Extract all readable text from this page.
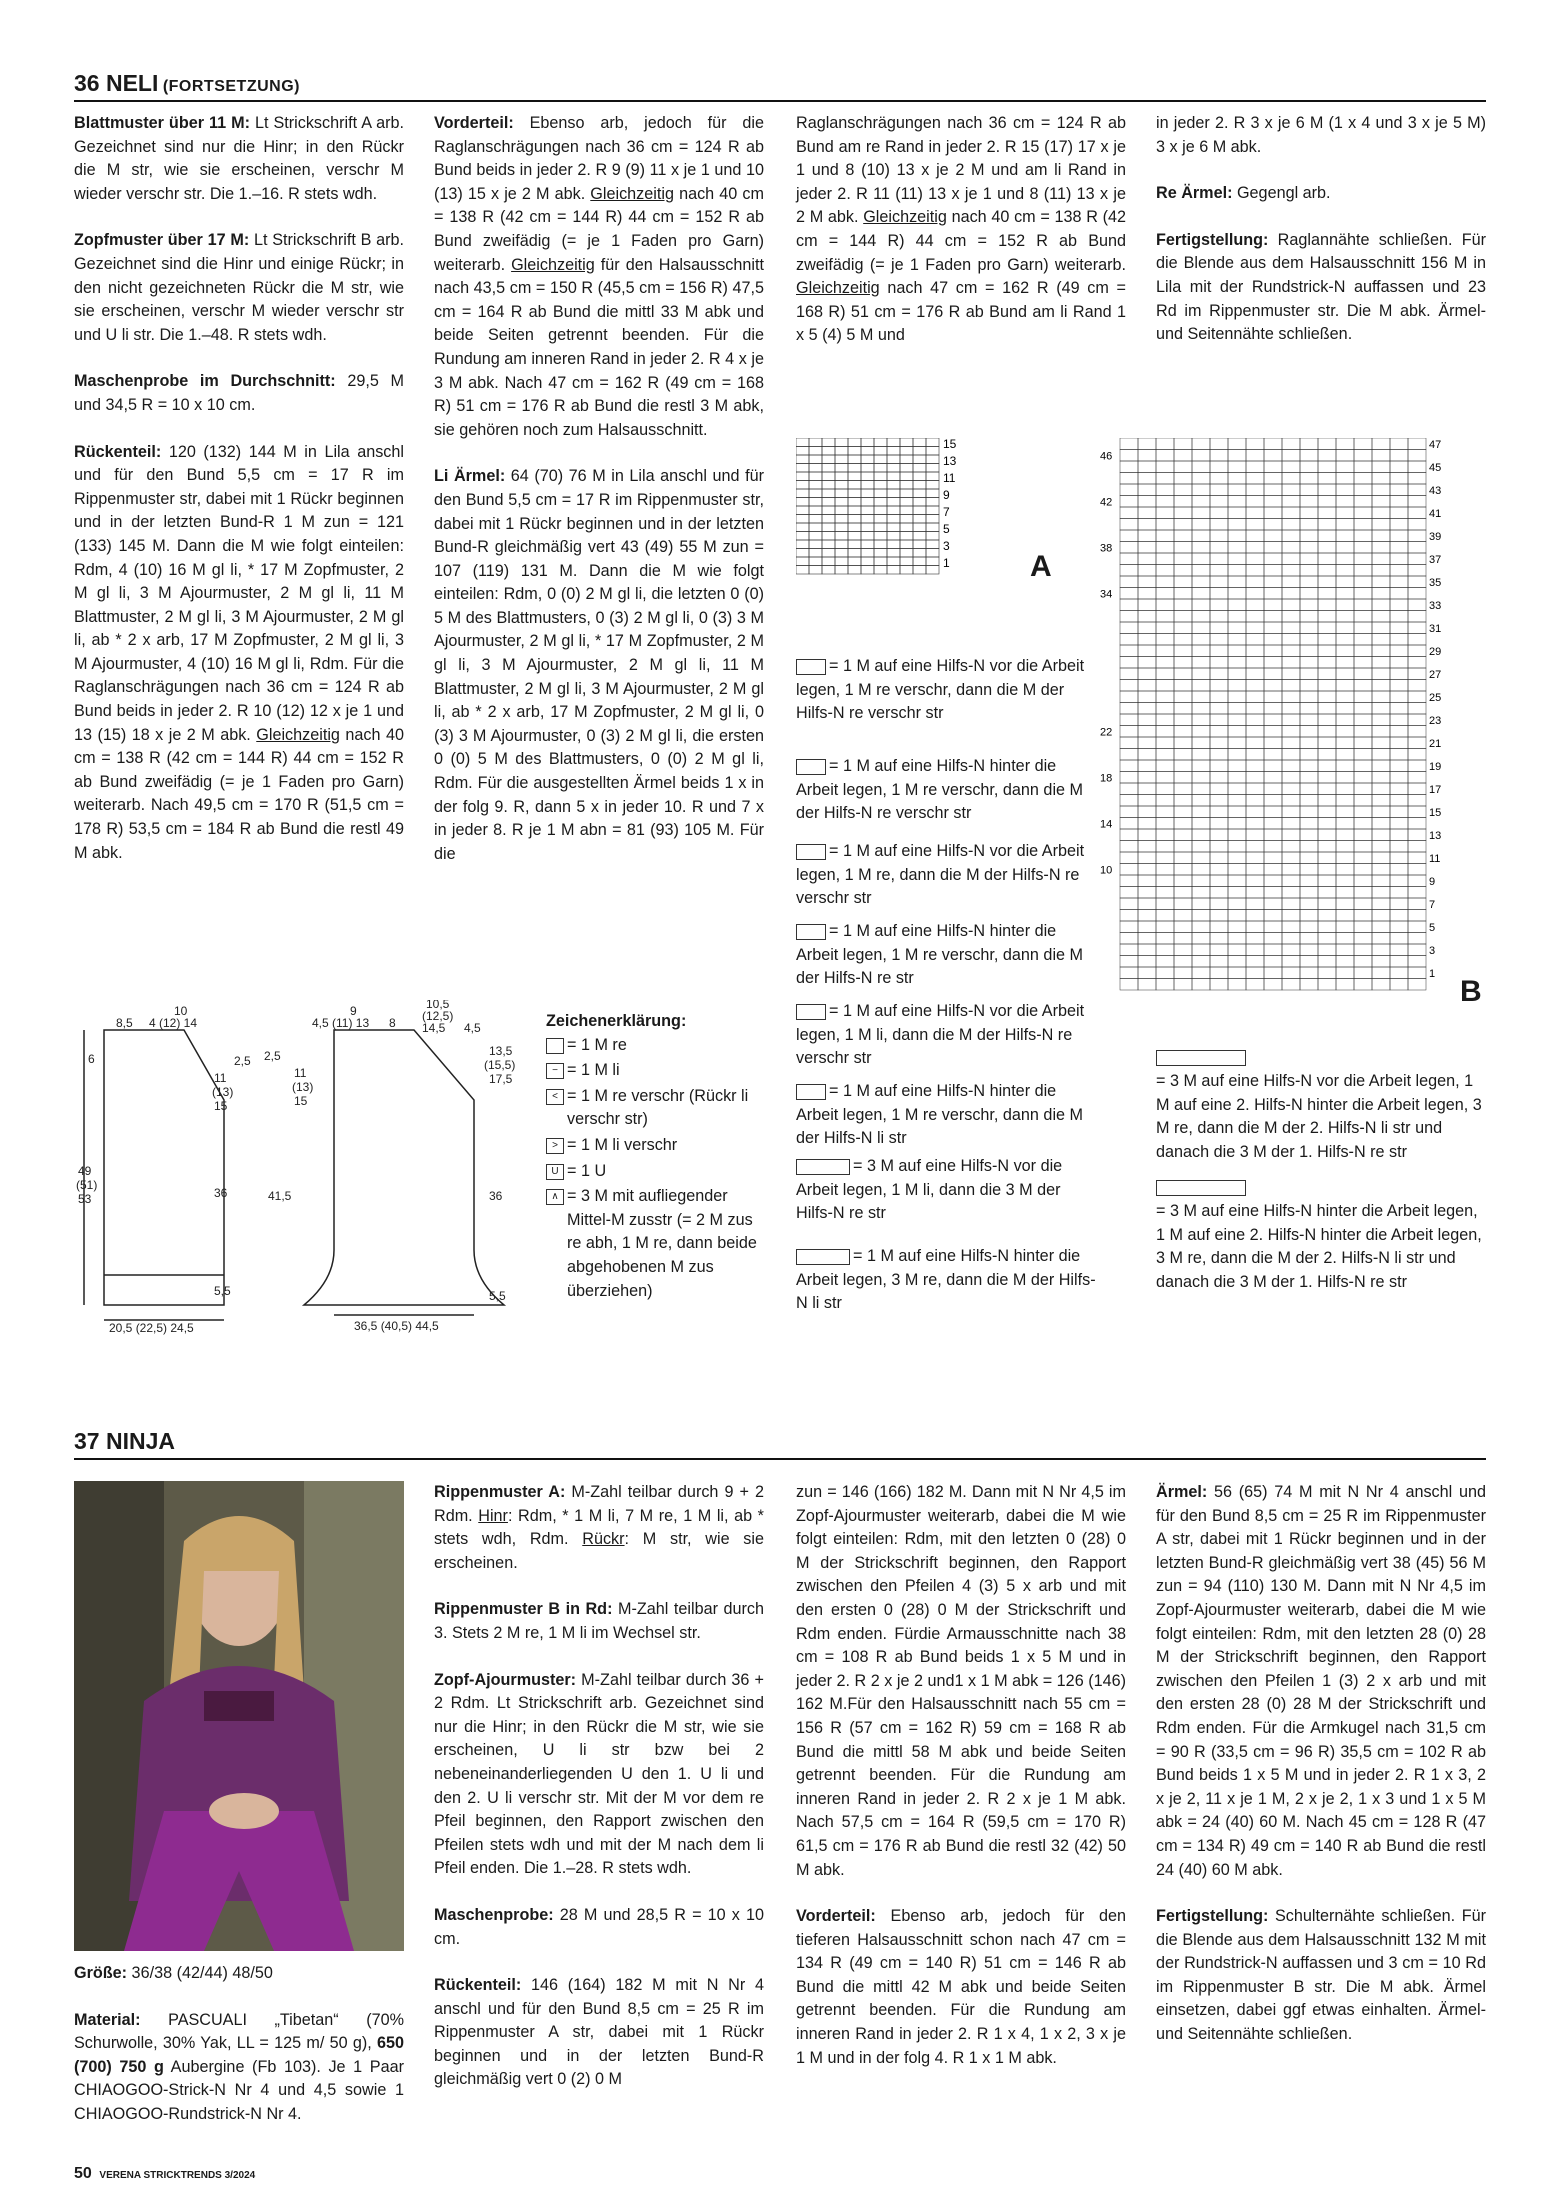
36 NELI (FORTSETZUNG)

Blattmuster über 11 M: Lt Strickschrift A arb. Gezeichnet sind nur die Hinr; in den Rückr die M str, wie sie erscheinen, verschr M wieder verschr str. Die 1.–16. R stets wdh.

Zopfmuster über 17 M: Lt Strickschrift B arb. Gezeichnet sind die Hinr und einige Rückr; in den nicht gezeichneten Rückr die M str, wie sie erscheinen, verschr M wieder verschr str und U li str. Die 1.–48. R stets wdh.

Maschenprobe im Durchschnitt: 29,5 M und 34,5 R = 10 x 10 cm.

Rückenteil: 120 (132) 144 M in Lila anschl und für den Bund 5,5 cm = 17 R im Rippenmuster str, dabei mit 1 Rückr beginnen und in der letzten Bund-R 1 M zun = 121 (133) 145 M. Dann die M wie folgt einteilen: Rdm, 4 (10) 16 M gl li, * 17 M Zopfmuster, 2 M gl li, 3 M Ajourmuster, 2 M gl li, 11 M Blattmuster, 2 M gl li, 3 M Ajourmuster, 2 M gl li, ab * 2 x arb, 17 M Zopfmuster, 2 M gl li, 3 M Ajourmuster, 4 (10) 16 M gl li, Rdm. Für die Raglanschrägungen nach 36 cm = 124 R ab Bund beids in jeder 2. R 10 (12) 12 x je 1 und 13 (15) 18 x je 2 M abk. Gleichzeitig nach 40 cm = 138 R (42 cm = 144 R) 44 cm = 152 R ab Bund zweifädig (= je 1 Faden pro Garn) weiterarb. Nach 49,5 cm = 170 R (51,5 cm = 178 R) 53,5 cm = 184 R ab Bund die restl 49 M abk.

Vorderteil: Ebenso arb, jedoch für die Raglanschrägungen nach 36 cm = 124 R ab Bund beids in jeder 2. R 9 (9) 11 x je 1 und 10 (13) 15 x je 2 M abk. Gleichzeitig nach 40 cm = 138 R (42 cm = 144 R) 44 cm = 152 R ab Bund zweifädig (= je 1 Faden pro Garn) weiterarb. Gleichzeitig für den Halsausschnitt nach 43,5 cm = 150 R (45,5 cm = 156 R) 47,5 cm = 164 R ab Bund die mittl 33 M abk und beide Seiten getrennt beenden. Für die Rundung am inneren Rand in jeder 2. R 4 x je 3 M abk. Nach 47 cm = 162 R (49 cm = 168 R) 51 cm = 176 R ab Bund die restl 3 M abk, sie gehören noch zum Halsausschnitt.

Li Ärmel: 64 (70) 76 M in Lila anschl und für den Bund 5,5 cm = 17 R im Rippenmuster str, dabei mit 1 Rückr beginnen und in der letzten Bund-R gleichmäßig vert 43 (49) 55 M zun = 107 (119) 131 M. Dann die M wie folgt einteilen: Rdm, 0 (0) 2 M gl li, die letzten 0 (0) 5 M des Blattmusters, 0 (3) 2 M gl li, 0 (3) 3 M Ajourmuster, 2 M gl li, * 17 M Zopfmuster, 2 M gl li, 3 M Ajourmuster, 2 M gl li, 11 M Blattmuster, 2 M gl li, 3 M Ajourmuster, 2 M gl li, ab * 2 x arb, 17 M Zopfmuster, 2 M gl li, 0 (3) 3 M Ajourmuster, 0 (3) 2 M gl li, die ersten 0 (0) 5 M des Blattmusters, 0 (0) 2 M gl li, Rdm. Für die ausgestellten Ärmel beids 1 x in der folg 9. R, dann 5 x in jeder 10. R und 7 x in jeder 8. R je 1 M abn = 81 (93) 105 M. Für die

Raglanschrägungen nach 36 cm = 124 R ab Bund am re Rand in jeder 2. R 15 (17) 17 x je 1 und 8 (10) 13 x je 2 M und am li Rand in jeder 2. R 11 (11) 13 x je 1 und 8 (11) 13 x je 2 M abk. Gleichzeitig nach 40 cm = 138 R (42 cm = 144 R) 44 cm = 152 R ab Bund zweifädig (= je 1 Faden pro Garn) weiterarb. Gleichzeitig nach 47 cm = 162 R (49 cm = 168 R) 51 cm = 176 R ab Bund am li Rand 1 x 5 (4) 5 M und

in jeder 2. R 3 x je 6 M (1 x 4 und 3 x je 5 M) 3 x je 6 M abk.

Re Ärmel: Gegengl arb.

Fertigstellung: Raglannähte schließen. Für die Blende aus dem Halsausschnitt 156 M in Lila mit der Rundstrick-N auffassen und 23 Rd im Rippenmuster str. Die M abk. Ärmel- und Seitennähte schließen.

15
13
11
9
7
5
3
1	A
47
45
43
41
39
37
35
33
31
29
27
25
23
21
19
17
15
13
11
9
7
5
3
1
46
42
38
34
22
18
14
10
B
= 1 M auf eine Hilfs-N vor die Arbeit legen, 1 M re verschr, dann die M der Hilfs-N re verschr str
= 1 M auf eine Hilfs-N hinter die Arbeit legen, 1 M re verschr, dann die M der Hilfs-N re verschr str
= 1 M auf eine Hilfs-N vor die Arbeit legen, 1 M re, dann die M der Hilfs-N re verschr str
= 1 M auf eine Hilfs-N hinter die Arbeit legen, 1 M re verschr, dann die M der Hilfs-N re str
= 1 M auf eine Hilfs-N vor die Arbeit legen, 1 M li, dann die M der Hilfs-N re verschr str
= 1 M auf eine Hilfs-N hinter die Arbeit legen, 1 M re verschr, dann die M der Hilfs-N li str
= 3 M auf eine Hilfs-N vor die Arbeit legen, 1 M li, dann die 3 M der Hilfs-N re str
= 1 M auf eine Hilfs-N hinter die Arbeit legen, 3 M re, dann die M der Hilfs-N li str
= 3 M auf eine Hilfs-N vor die Arbeit legen, 1 M auf eine 2. Hilfs-N hinter die Arbeit legen, 3 M re, dann die M der 2. Hilfs-N li str und danach die 3 M der 1. Hilfs-N re str
= 3 M auf eine Hilfs-N hinter die Arbeit legen, 1 M auf eine 2. Hilfs-N hinter die Arbeit legen, 3 M re, dann die M der 2. Hilfs-N li str und danach die 3 M der 1. Hilfs-N re str
Zeichenerklärung:
= 1 M re
− = 1 M li
< = 1 M re verschr (Rückr li verschr str)
> = 1 M li verschr
U = 1 U
∧ = 3 M mit aufliegender Mittel-M zusstr (= 2 M zus re abh, 1 M re, dann beide abgehobenen M zus überziehen)
10
8,5 4 (12) 14
6	2,5
11
(13)
15
49
(51)
53	36
5,5
20,5 (22,5) 24,5
9
4,5 (11) 13 8
10,5
(12,5)
14,5 4,5
2,5
11
(13)
15
41,5
13,5
(15,5)
17,5
36
5,5
36,5 (40,5) 44,5
37 NINJA

Größe: 36/38 (42/44) 48/50

Material: PASCUALI „Tibetan“ (70% Schurwolle, 30% Yak, LL = 125 m/ 50 g), 650 (700) 750 g Aubergine (Fb 103). Je 1 Paar CHIAOGOO-Strick-N Nr 4 und 4,5 sowie 1 CHIAOGOO-Rundstrick-N Nr 4.

Rippenmuster A: M-Zahl teilbar durch 9 + 2 Rdm. Hinr: Rdm, * 1 M li, 7 M re, 1 M li, ab * stets wdh, Rdm. Rückr: M str, wie sie erscheinen.

Rippenmuster B in Rd: M-Zahl teilbar durch 3. Stets 2 M re, 1 M li im Wechsel str.

Zopf-Ajourmuster: M-Zahl teilbar durch 36 + 2 Rdm. Lt Strickschrift arb. Gezeichnet sind nur die Hinr; in den Rückr die M str, wie sie erscheinen, U li str bzw bei 2 nebeneinanderliegenden U den 1. U li und den 2. U li verschr str. Mit der M vor dem re Pfeil beginnen, den Rapport zwischen den Pfeilen stets wdh und mit der M nach dem li Pfeil enden. Die 1.–28. R stets wdh.

Maschenprobe: 28 M und 28,5 R = 10 x 10 cm.

Rückenteil: 146 (164) 182 M mit N Nr 4 anschl und für den Bund 8,5 cm = 25 R im Rippenmuster A str, dabei mit 1 Rückr beginnen und in der letzten Bund-R gleichmäßig vert 0 (2) 0 M

zun = 146 (166) 182 M. Dann mit N Nr 4,5 im Zopf-Ajourmuster weiterarb, dabei die M wie folgt einteilen: Rdm, mit den letzten 0 (28) 0 M der Strickschrift beginnen, den Rapport zwischen den Pfeilen 4 (3) 5 x arb und mit den ersten 0 (28) 0 M der Strickschrift und Rdm enden. Fürdie Armausschnitte nach 38 cm = 108 R ab Bund beids 1 x 5 M und in jeder 2. R 2 x je 2 und1 x 1 M abk = 126 (146) 162 M.Für den Halsausschnitt nach 55 cm = 156 R (57 cm = 162 R) 59 cm = 168 R ab Bund die mittl 58 M abk und beide Seiten getrennt beenden. Für die Rundung am inneren Rand in jeder 2. R 2 x je 1 M abk. Nach 57,5 cm = 164 R (59,5 cm = 170 R) 61,5 cm = 176 R ab Bund die restl 32 (42) 50 M abk.

Vorderteil: Ebenso arb, jedoch für den tieferen Halsausschnitt schon nach 47 cm = 134 R (49 cm = 140 R) 51 cm = 146 R ab Bund die mittl 42 M abk und beide Seiten getrennt beenden. Für die Rundung am inneren Rand in jeder 2. R 1 x 4, 1 x 2, 3 x je 1 M und in der folg 4. R 1 x 1 M abk.

Ärmel: 56 (65) 74 M mit N Nr 4 anschl und für den Bund 8,5 cm = 25 R im Rippenmuster A str, dabei mit 1 Rückr beginnen und in der letzten Bund-R gleichmäßig vert 38 (45) 56 M zun = 94 (110) 130 M. Dann mit N Nr 4,5 im Zopf-Ajourmuster weiterarb, dabei die M wie folgt einteilen: Rdm, mit den letzten 28 (0) 28 M der Strickschrift beginnen, den Rapport zwischen den Pfeilen 1 (3) 2 x arb und mit den ersten 28 (0) 28 M der Strickschrift und Rdm enden. Für die Armkugel nach 31,5 cm = 90 R (33,5 cm = 96 R) 35,5 cm = 102 R ab Bund beids 1 x 5 M und in jeder 2. R 1 x 3, 2 x je 2, 11 x je 1 M, 2 x je 2, 1 x 3 und 1 x 5 M abk = 24 (40) 60 M. Nach 45 cm = 128 R (47 cm = 134 R) 49 cm = 140 R ab Bund die restl 24 (40) 60 M abk.

Fertigstellung: Schulternähte schließen. Für die Blende aus dem Halsausschnitt 132 M mit der Rundstrick-N auffassen und 3 cm = 10 Rd im Rippenmuster B str. Die M abk. Ärmel einsetzen, dabei ggf etwas einhalten. Ärmel- und Seitennähte schließen.

50 VERENA STRICKTRENDS 3/2024
